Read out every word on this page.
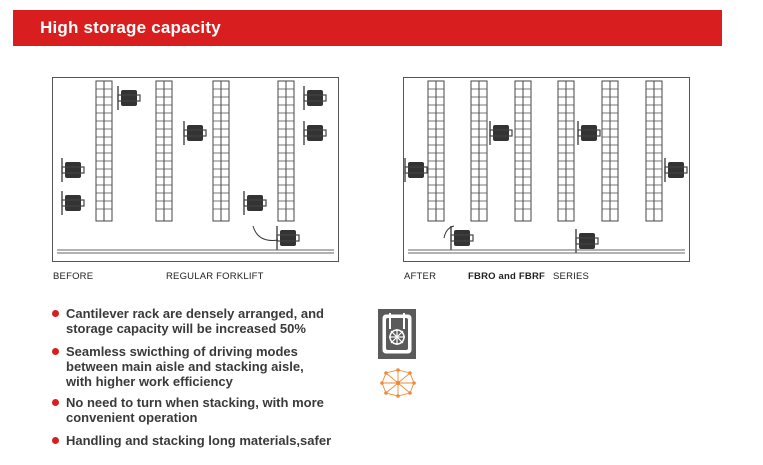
High storage capacity
BEFORE	REGULAR FORKLIFT	AFTER	FBRO and FBRF SERIES
Cantilever rack are densely arranged, and
storage capacity will be increased 50%
Seamless swicthing of driving modes
between main aisle and stacking aisle,
with higher work efficiency
No need to turn when stacking, with more
convenient operation
Handling and stacking long materials,safer
